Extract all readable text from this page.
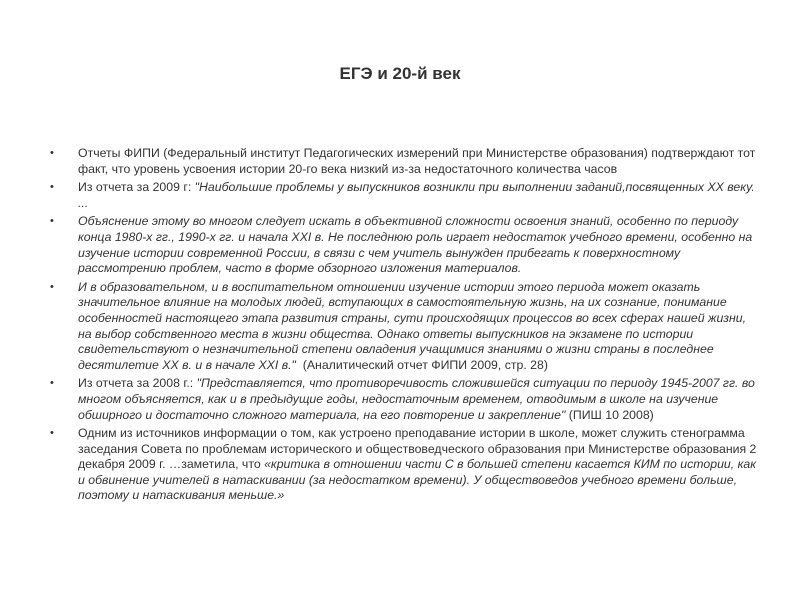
ЕГЭ и 20-й век
• Отчеты ФИПИ (Федеральный институт Педагогических измерений при Министерстве образования) подтверждают тот факт, что уровень усвоения истории 20-го века низкий из-за недостаточного количества часов
• Из отчета за 2009 г: "Наибольшие проблемы у выпускников возникли при выполнении заданий,посвященных XX веку. ...
• Объяснение этому во многом следует искать в объективной сложности освоения знаний, особенно по периоду конца 1980-х гг., 1990-х гг. и начала XXI в. Не последнюю роль играет недостаток учебного времени, особенно на изучение истории современной России, в связи с чем учитель вынужден прибегать к поверхностному рассмотрению проблем, часто в форме обзорного изложения материалов.
• И в образовательном, и в воспитательном отношении изучение истории этого периода может оказать значительное влияние на молодых людей, вступающих в самостоятельную жизнь, на их сознание, понимание особенностей настоящего этапа развития страны, сути происходящих процессов во всех сферах нашей жизни, на выбор собственного места в жизни общества. Однако ответы выпускников на экзамене по истории свидетельствуют о незначительной степени овладения учащимися знаниями о жизни страны в последнее десятилетие XX в. и в начале XXI в."  (Аналитический отчет ФИПИ 2009, стр. 28)
• Из отчета за 2008 г.: "Представляется, что противоречивость сложившейся ситуации по периоду 1945-2007 гг. во многом объясняется, как и в предыдущие годы, недостаточным временем, отводимым в школе на изучение обширного и достаточно сложного материала, на его повторение и закрепление" (ПИШ 10 2008)
• Одним из источников информации о том, как устроено преподавание истории в школе, может служить стенограмма заседания Совета по проблемам исторического и обществоведческого образования при Министерстве образования 2 декабря 2009 г. …заметила, что «критика в отношении части С в большей степени касается КИМ по истории, как и обвинение учителей в натаскивании (за недостатком времени). У обществоведов учебного времени больше, поэтому и натаскивания меньше.»
